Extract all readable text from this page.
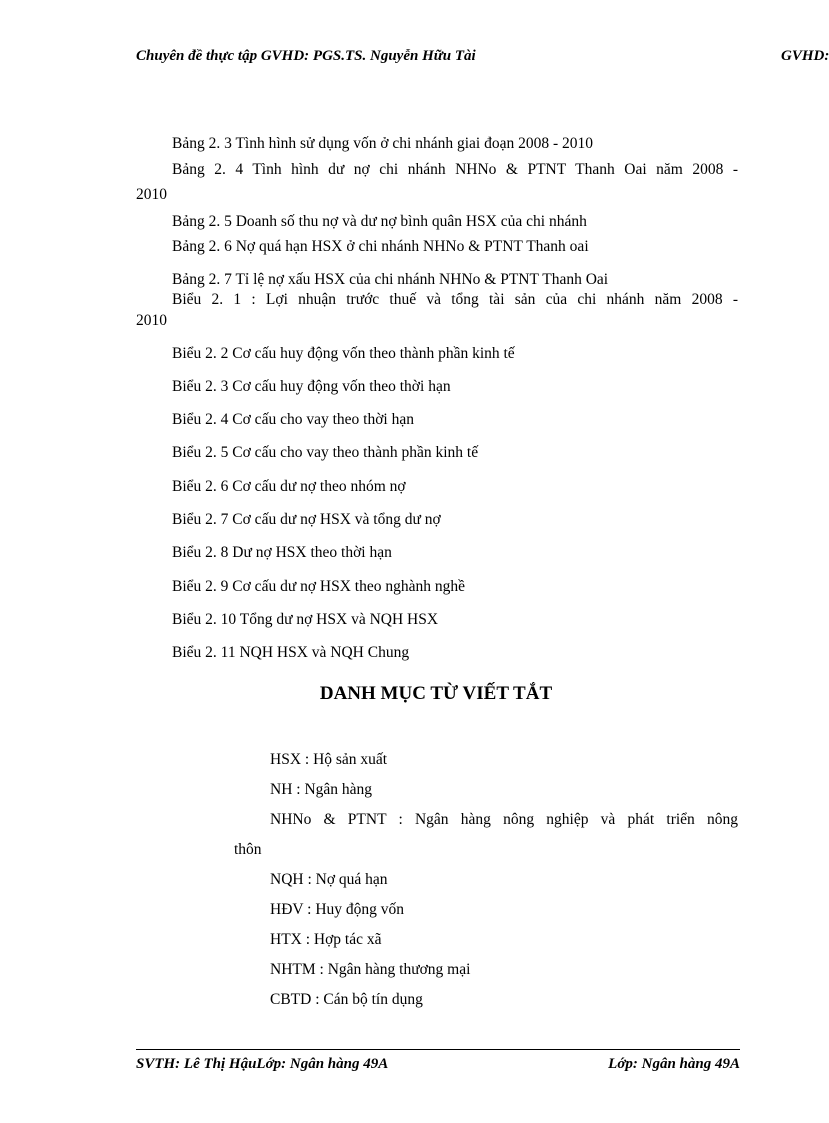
Chuyên đề thực tập GVHD: PGS.TS. Nguyễn Hữu Tài	GVHD:
Bảng 2. 3 Tình hình sử dụng vốn ở chi nhánh giai đoạn 2008 - 2010
Bảng 2. 4 Tình hình dư nợ chi nhánh NHNo & PTNT Thanh Oai năm 2008 -
2010
Bảng 2. 5 Doanh số thu nợ và dư nợ bình quân HSX của chi nhánh
Bảng 2. 6 Nợ quá hạn HSX ở chi nhánh NHNo & PTNT Thanh oai
Bảng 2. 7 Tỉ lệ nợ xấu HSX của chi nhánh NHNo & PTNT Thanh Oai
Biểu 2. 1 : Lợi nhuận trước thuế và tổng tài sản của chi nhánh năm 2008 -
2010
Biểu 2. 2 Cơ cấu huy động vốn theo thành phần kinh tế
Biểu 2. 3 Cơ cấu huy động vốn theo thời hạn
Biểu 2. 4 Cơ cấu cho vay theo thời hạn
Biểu 2. 5 Cơ cấu cho vay theo thành phần kinh tế
Biểu 2. 6 Cơ cấu dư nợ theo nhóm nợ
Biểu 2. 7 Cơ cấu dư nợ HSX và tổng dư nợ
Biểu 2. 8 Dư nợ HSX theo thời hạn
Biểu 2. 9 Cơ cấu dư nợ HSX theo nghành nghề
Biểu 2. 10 Tổng dư nợ HSX và NQH HSX
Biểu 2. 11 NQH HSX và NQH Chung
DANH MỤC TỪ VIẾT TẮT
HSX : Hộ sản xuất
NH : Ngân hàng
NHNo & PTNT : Ngân hàng nông nghiệp và phát triển nông
thôn
NQH : Nợ quá hạn
HĐV : Huy động vốn
HTX : Hợp tác xã
NHTM : Ngân hàng thương mại
CBTD : Cán bộ tín dụng
SVTH: Lê Thị HậuLớp: Ngân hàng 49A	Lớp: Ngân hàng 49A
